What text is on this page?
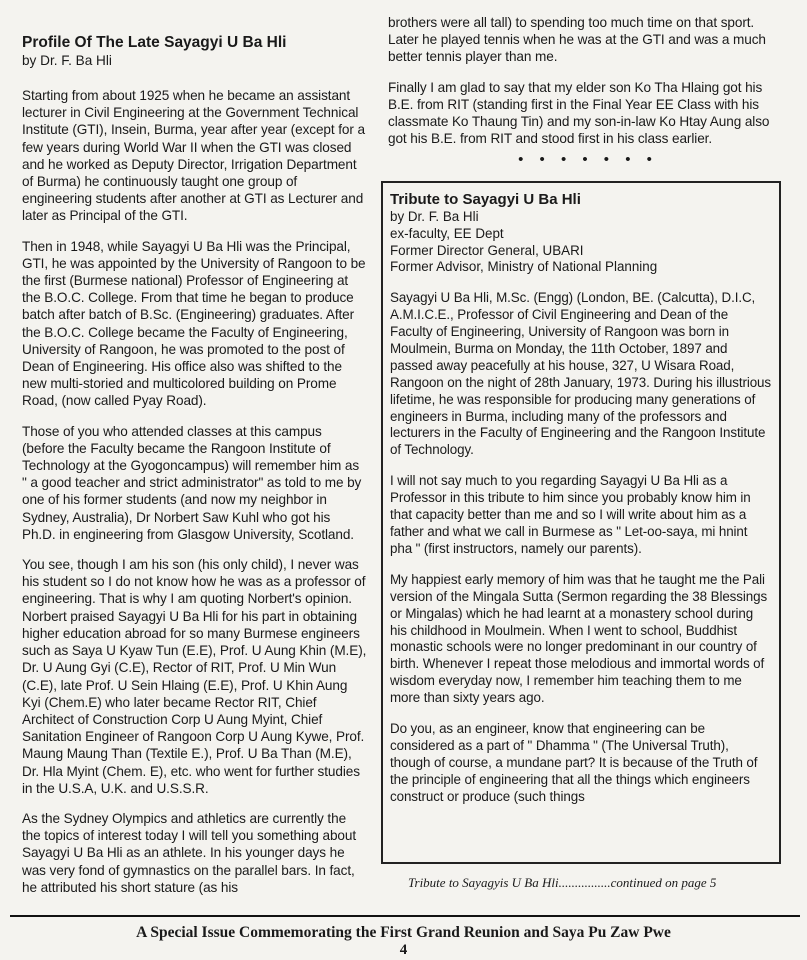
Profile Of The Late Sayagyi U Ba Hli
by Dr. F. Ba Hli

Starting from about 1925 when he became an assistant lecturer in Civil Engineering at the Government Technical Institute (GTI), Insein, Burma, year after year (except for a few years during World War II when the GTI was closed and he worked as Deputy Director, Irrigation Department of Burma) he continuously taught one group of engineering students after another at GTI as Lecturer and later as Principal of the GTI.

Then in 1948, while Sayagyi U Ba Hli was the Principal, GTI, he was appointed by the University of Rangoon to be the first (Burmese national) Professor of Engineering at the B.O.C. College. From that time he began to produce batch after batch of B.Sc. (Engineering) graduates. After the B.O.C. College became the Faculty of Engineering, University of Rangoon, he was promoted to the post of Dean of Engineering. His office also was shifted to the new multi-storied and multicolored building on Prome Road, (now called Pyay Road).

Those of you who attended classes at this campus (before the Faculty became the Rangoon Institute of Technology at the Gyogoncampus) will remember him as " a good teacher and strict administrator" as told to me by one of his former students (and now my neighbor in Sydney, Australia), Dr Norbert Saw Kuhl who got his Ph.D. in engineering from Glasgow University, Scotland.

You see, though I am his son (his only child), I never was his student so I do not know how he was as a professor of engineering. That is why I am quoting Norbert's opinion. Norbert praised Sayagyi U Ba Hli for his part in obtaining higher education abroad for so many Burmese engineers such as Saya U Kyaw Tun (E.E), Prof. U Aung Khin (M.E), Dr. U Aung Gyi (C.E), Rector of RIT, Prof. U Min Wun (C.E), late Prof. U Sein Hlaing (E.E), Prof. U Khin Aung Kyi (Chem.E) who later became Rector RIT, Chief Architect of Construction Corp U Aung Myint, Chief Sanitation Engineer of Rangoon Corp U Aung Kywe, Prof. Maung Maung Than (Textile E.), Prof. U Ba Than (M.E), Dr. Hla Myint (Chem. E), etc. who went for further studies in the U.S.A, U.K. and U.S.S.R.

As the Sydney Olympics and athletics are currently the the topics of interest today I will tell you something about Sayagyi U Ba Hli as an athlete. In his younger days he was very fond of gymnastics on the parallel bars. In fact, he attributed his short stature (as his

brothers were all tall) to spending too much time on that sport. Later he played tennis when he was at the GTI and was a much better tennis player than me.

Finally I am glad to say that my elder son Ko Tha Hlaing got his B.E. from RIT (standing first in the Final Year EE Class with his classmate Ko Thaung Tin) and my son-in-law Ko Htay Aung also got his B.E. from RIT and stood first in his class earlier.

• • • • • • •
Tribute to Sayagyi U Ba Hli
by Dr. F. Ba Hli
ex-faculty, EE Dept
Former Director General, UBARI
Former Advisor, Ministry of National Planning

Sayagyi U Ba Hli, M.Sc. (Engg) (London, BE. (Calcutta), D.I.C, A.M.I.C.E., Professor of Civil Engineering and Dean of the Faculty of Engineering, University of Rangoon was born in Moulmein, Burma on Monday, the 11th October, 1897 and passed away peacefully at his house, 327, U Wisara Road, Rangoon on the night of 28th January, 1973. During his illustrious lifetime, he was responsible for producing many generations of engineers in Burma, including many of the professors and lecturers in the Faculty of Engineering and the Rangoon Institute of Technology.

I will not say much to you regarding Sayagyi U Ba Hli as a Professor in this tribute to him since you probably know him in that capacity better than me and so I will write about him as a father and what we call in Burmese as " Let-oo-saya, mi hnint pha " (first instructors, namely our parents).

My happiest early memory of him was that he taught me the Pali version of the Mingala Sutta (Sermon regarding the 38 Blessings or Mingalas) which he had learnt at a monastery school during his childhood in Moulmein. When I went to school, Buddhist monastic schools were no longer predominant in our country of birth. Whenever I repeat those melodious and immortal words of wisdom everyday now, I remember him teaching them to me more than sixty years ago.

Do you, as an engineer, know that engineering can be considered as a part of " Dhamma " (The Universal Truth), though of course, a mundane part? It is because of the Truth of the principle of engineering that all the things which engineers construct or produce (such things

Tribute to Sayagyis U Ba Hli................continued on page 5
A Special Issue Commemorating the First Grand Reunion and Saya Pu Zaw Pwe
4
